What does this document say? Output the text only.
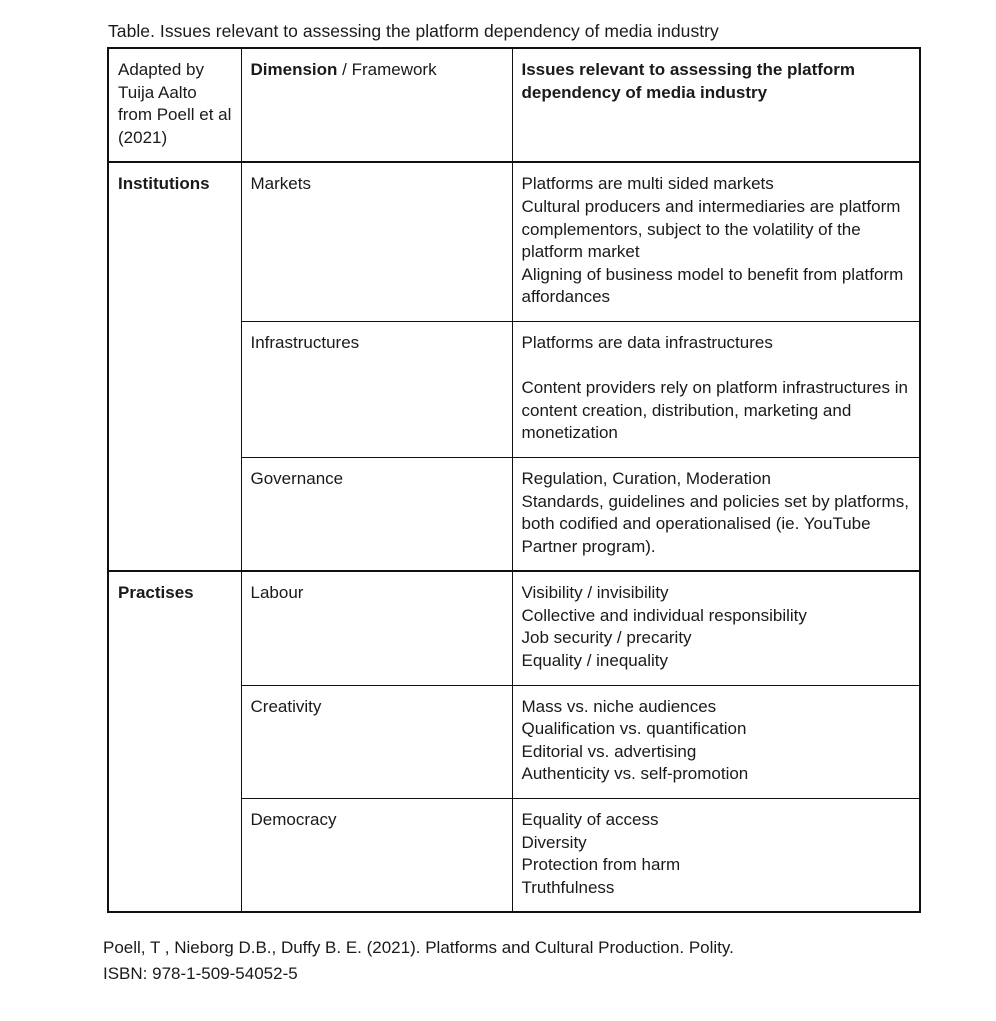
Table. Issues relevant to assessing the platform dependency of media industry
Adapted by Tuija Aalto from Poell et al (2021)	Dimension / Framework	Issues relevant to assessing the platform dependency of media industry
Institutions	Markets	Platforms are multi sided markets

Cultural producers and intermediaries are platform complementors, subject to the volatility of the platform market

Aligning of business model to benefit from platform affordances

	Infrastructures	Platforms are data infrastructures

Content providers rely on platform infrastructures in content creation, distribution, marketing and monetization

	Governance	Regulation, Curation, Moderation

Standards, guidelines and policies set by platforms, both codified and operationalised (ie. YouTube Partner program).

Practises	Labour	Visibility / invisibility

Collective and individual responsibility

Job security / precarity

Equality / inequality

	Creativity	Mass vs. niche audiences

Qualification vs. quantification

Editorial vs. advertising

Authenticity vs. self-promotion

	Democracy	Equality of access

Diversity

Protection from harm

Truthfulness

Poell, T , Nieborg D.B., Duffy B. E. (2021). Platforms and Cultural Production. Polity.
ISBN: 978-1-509-54052-5
